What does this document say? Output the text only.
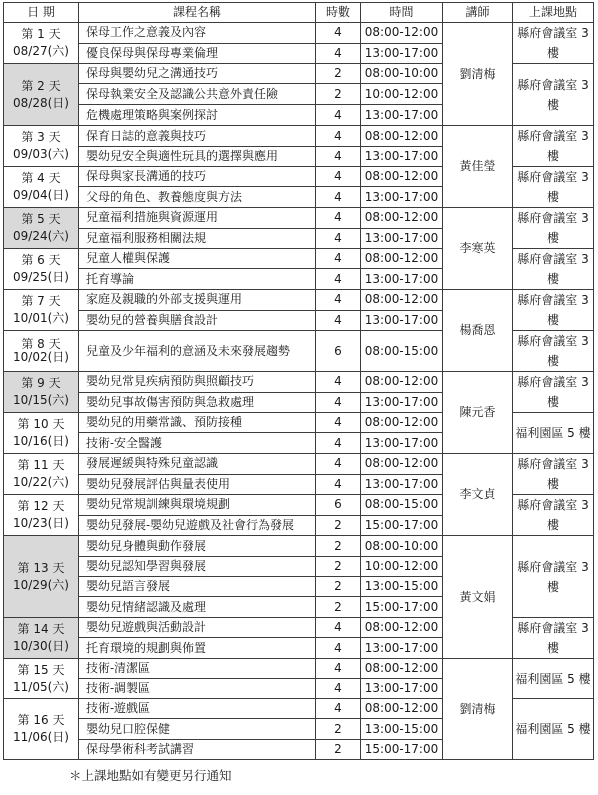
日 期	課程名稱	時數	時間	講師	上課地點

第 1 天
08/27(六)	保母工作之意義及內容	4	08:00-12:00	劉清梅	縣府會議室 3 樓
	優良保母與保母專業倫理	4	13:00-17:00		

第 2 天
08/28(日)	保母與嬰幼兒之溝通技巧	2	08:00-10:00		縣府會議室 3 樓
	保母執業安全及認識公共意外責任險	2	10:00-12:00		
	危機處理策略與案例探討	4	13:00-17:00		

第 3 天
09/03(六)	保育日誌的意義與技巧	4	08:00-12:00	黃佳瑩	縣府會議室 3 樓
	嬰幼兒安全與適性玩具的選擇與應用	4	13:00-17:00		

第 4 天
09/04(日)	保母與家長溝通的技巧	4	08:00-12:00		縣府會議室 3 樓
	父母的角色、教養態度與方法	4	13:00-17:00		

第 5 天
09/24(六)	兒童福利措施與資源運用	4	08:00-12:00	李寒英	縣府會議室 3 樓
	兒童福利服務相關法規	4	13:00-17:00		

第 6 天
09/25(日)	兒童人權與保護	4	08:00-12:00		縣府會議室 3 樓
	托育導論	4	13:00-17:00		

第 7 天
10/01(六)	家庭及親職的外部支援與運用	4	08:00-12:00	楊喬恩	縣府會議室 3 樓
	嬰幼兒的營養與膳食設計	4	13:00-17:00		

第 8 天
10/02(日)	兒童及少年福利的意涵及未來發展趨勢	6	08:00-15:00		縣府會議室 3 樓

第 9 天
10/15(六)	嬰幼兒常見疾病預防與照顧技巧	4	08:00-12:00	陳元香	縣府會議室 3 樓
	嬰幼兒事故傷害預防與急救處理	4	13:00-17:00		

第 10 天
10/16(日)	嬰幼兒的用藥常識、預防接種	4	08:00-12:00		福利園區 5 樓
	技術-安全醫護	4	13:00-17:00		

第 11 天
10/22(六)	發展遲緩與特殊兒童認識	4	08:00-12:00	李文貞	縣府會議室 3 樓
	嬰幼兒發展評估與量表使用	4	13:00-17:00		

第 12 天
10/23(日)	嬰幼兒常規訓練與環境規劃	6	08:00-15:00		縣府會議室 3 樓
	嬰幼兒發展-嬰幼兒遊戲及社會行為發展	2	15:00-17:00		

第 13 天
10/29(六)	嬰幼兒身體與動作發展	2	08:00-10:00	黃文娟	縣府會議室 3 樓
	嬰幼兒認知學習與發展	2	10:00-12:00		
	嬰幼兒語言發展	2	13:00-15:00		
	嬰幼兒情緒認識及處理	2	15:00-17:00		

第 14 天
10/30(日)	嬰幼兒遊戲與活動設計	4	08:00-12:00		縣府會議室 3 樓
	托育環境的規劃與佈置	4	13:00-17:00		

第 15 天
11/05(六)	技術-清潔區	4	08:00-12:00	劉清梅	福利園區 5 樓
	技術-調製區	4	13:00-17:00		

第 16 天
11/06(日)	技術-遊戲區	4	08:00-12:00		福利園區 5 樓
	嬰幼兒口腔保健	2	13:00-15:00		
	保母學術科考試講習	2	15:00-17:00		
＊上課地點如有變更另行通知
